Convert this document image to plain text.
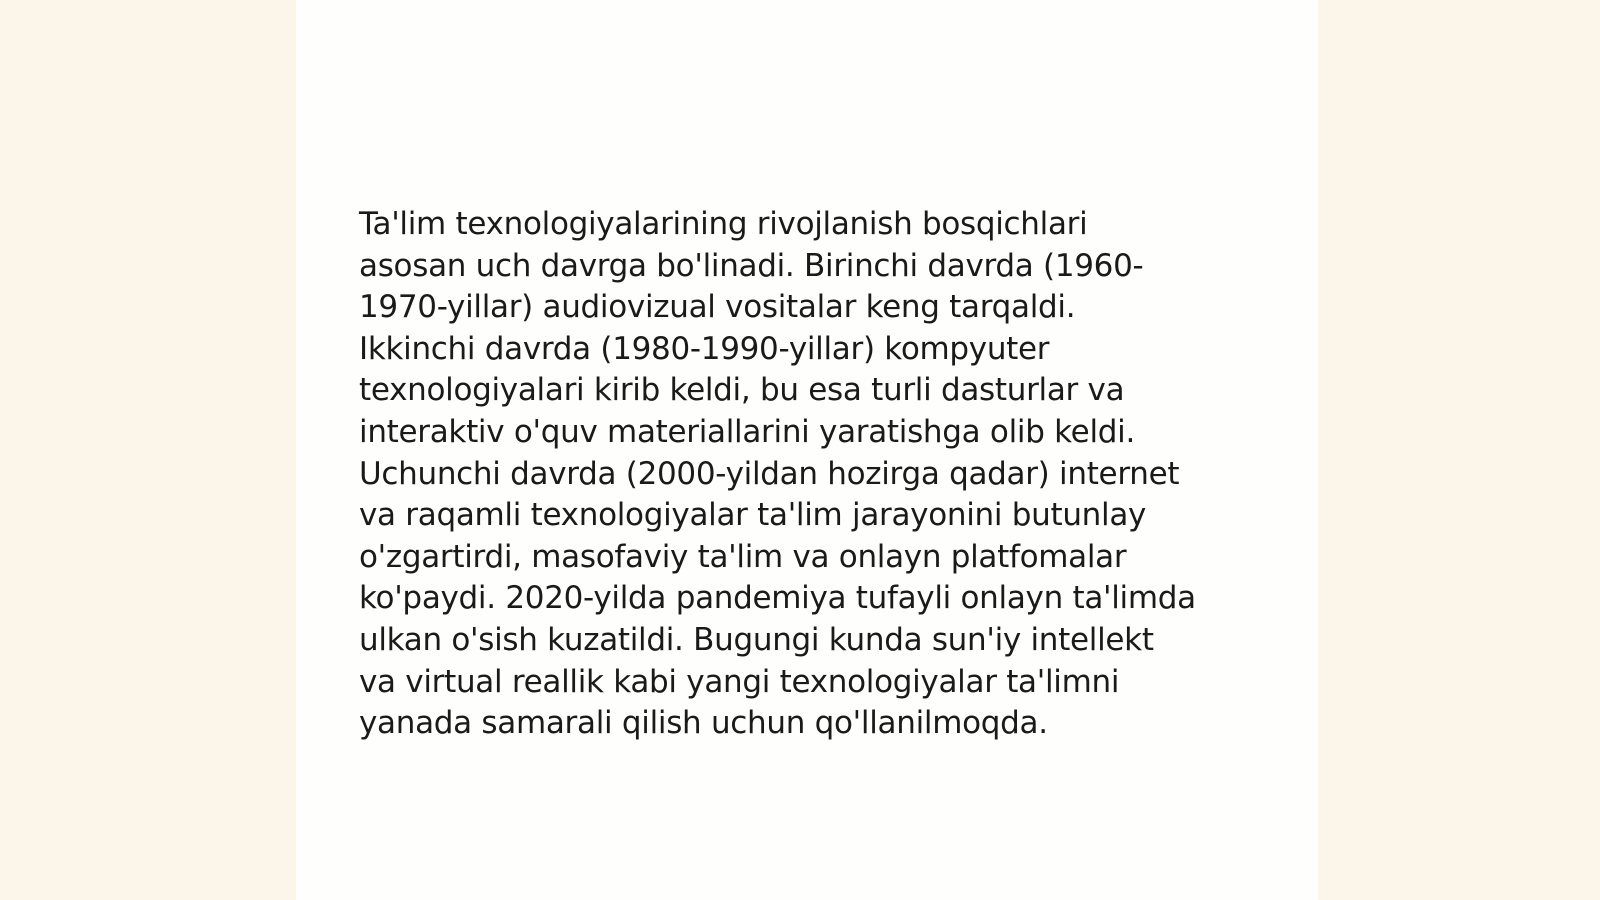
Ta'lim texnologiyalarining rivojlanish bosqichlari
asosan uch davrga bo'linadi. Birinchi davrda (1960-
1970-yillar) audiovizual vositalar keng tarqaldi.
Ikkinchi davrda (1980-1990-yillar) kompyuter
texnologiyalari kirib keldi, bu esa turli dasturlar va
interaktiv o'quv materiallarini yaratishga olib keldi.
Uchunchi davrda (2000-yildan hozirga qadar) internet
va raqamli texnologiyalar ta'lim jarayonini butunlay
o'zgartirdi, masofaviy ta'lim va onlayn platfomalar
ko'paydi. 2020-yilda pandemiya tufayli onlayn ta'limda
ulkan o'sish kuzatildi. Bugungi kunda sun'iy intellekt
va virtual reallik kabi yangi texnologiyalar ta'limni
yanada samarali qilish uchun qo'llanilmoqda.
